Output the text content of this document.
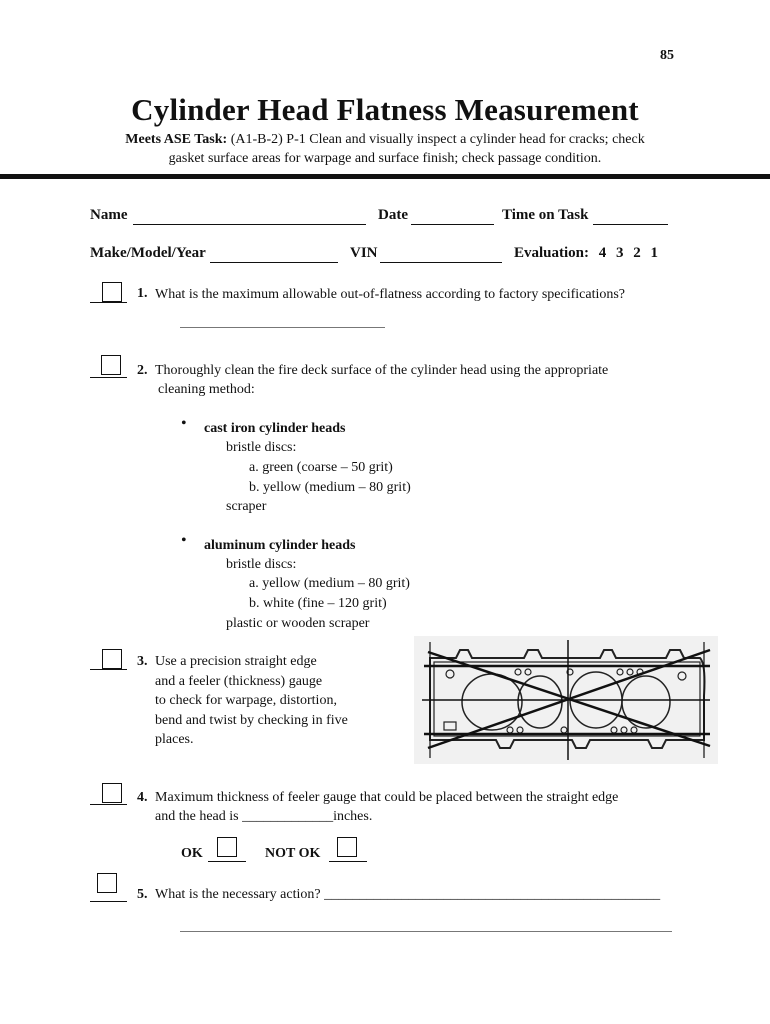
85
Cylinder Head Flatness Measurement
Meets ASE Task: (A1-B-2) P-1 Clean and visually inspect a cylinder head for cracks; check
gasket surface areas for warpage and surface finish; check passage condition.
Name	Date	Time on Task
Make/Model/Year	VIN	Evaluation: 4 3 2 1
1. What is the maximum allowable out-of-flatness according to factory specifications?
2. Thoroughly clean the fire deck surface of the cylinder head using the appropriate
cleaning method:
• cast iron cylinder heads
bristle discs:
a. green (coarse – 50 grit)
b. yellow (medium – 80 grit)
scraper
• aluminum cylinder heads
bristle discs:
a. yellow (medium – 80 grit)
b. white (fine – 120 grit)
plastic or wooden scraper
3. Use a precision straight edge
and a feeler (thickness) gauge
to check for warpage, distortion,
bend and twist by checking in five
places.
4. Maximum thickness of feeler gauge that could be placed between the straight edge
and the head is _____________inches.
OK	NOT OK
5. What is the necessary action? ________________________________________________
